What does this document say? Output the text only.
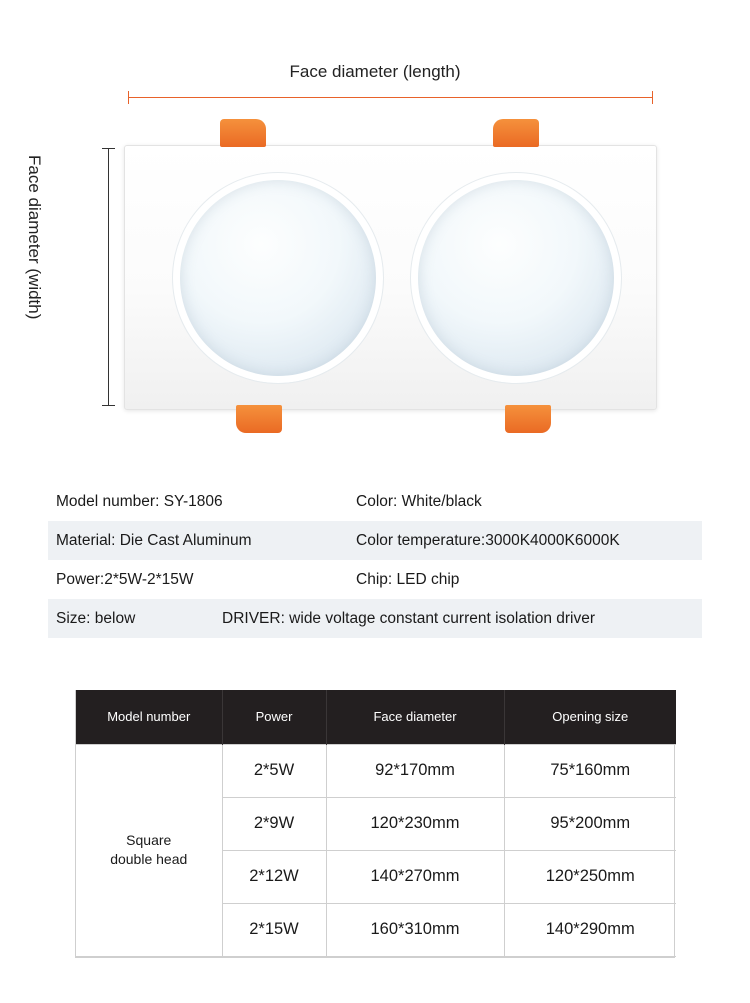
Face diameter (length)
Face diameter (width)
Model number: SY-1806	Color: White/black
Material: Die Cast Aluminum	Color temperature:3000K4000K6000K
Power:2*5W-2*15W	Chip: LED chip
Size: below	DRIVER: wide voltage constant current isolation driver
Model number	Power	Face diameter	Opening size

Square
double head	2*5W	92*170mm	75*160mm
	2*9W	120*230mm	95*200mm
	2*12W	140*270mm	120*250mm
	2*15W	160*310mm	140*290mm
